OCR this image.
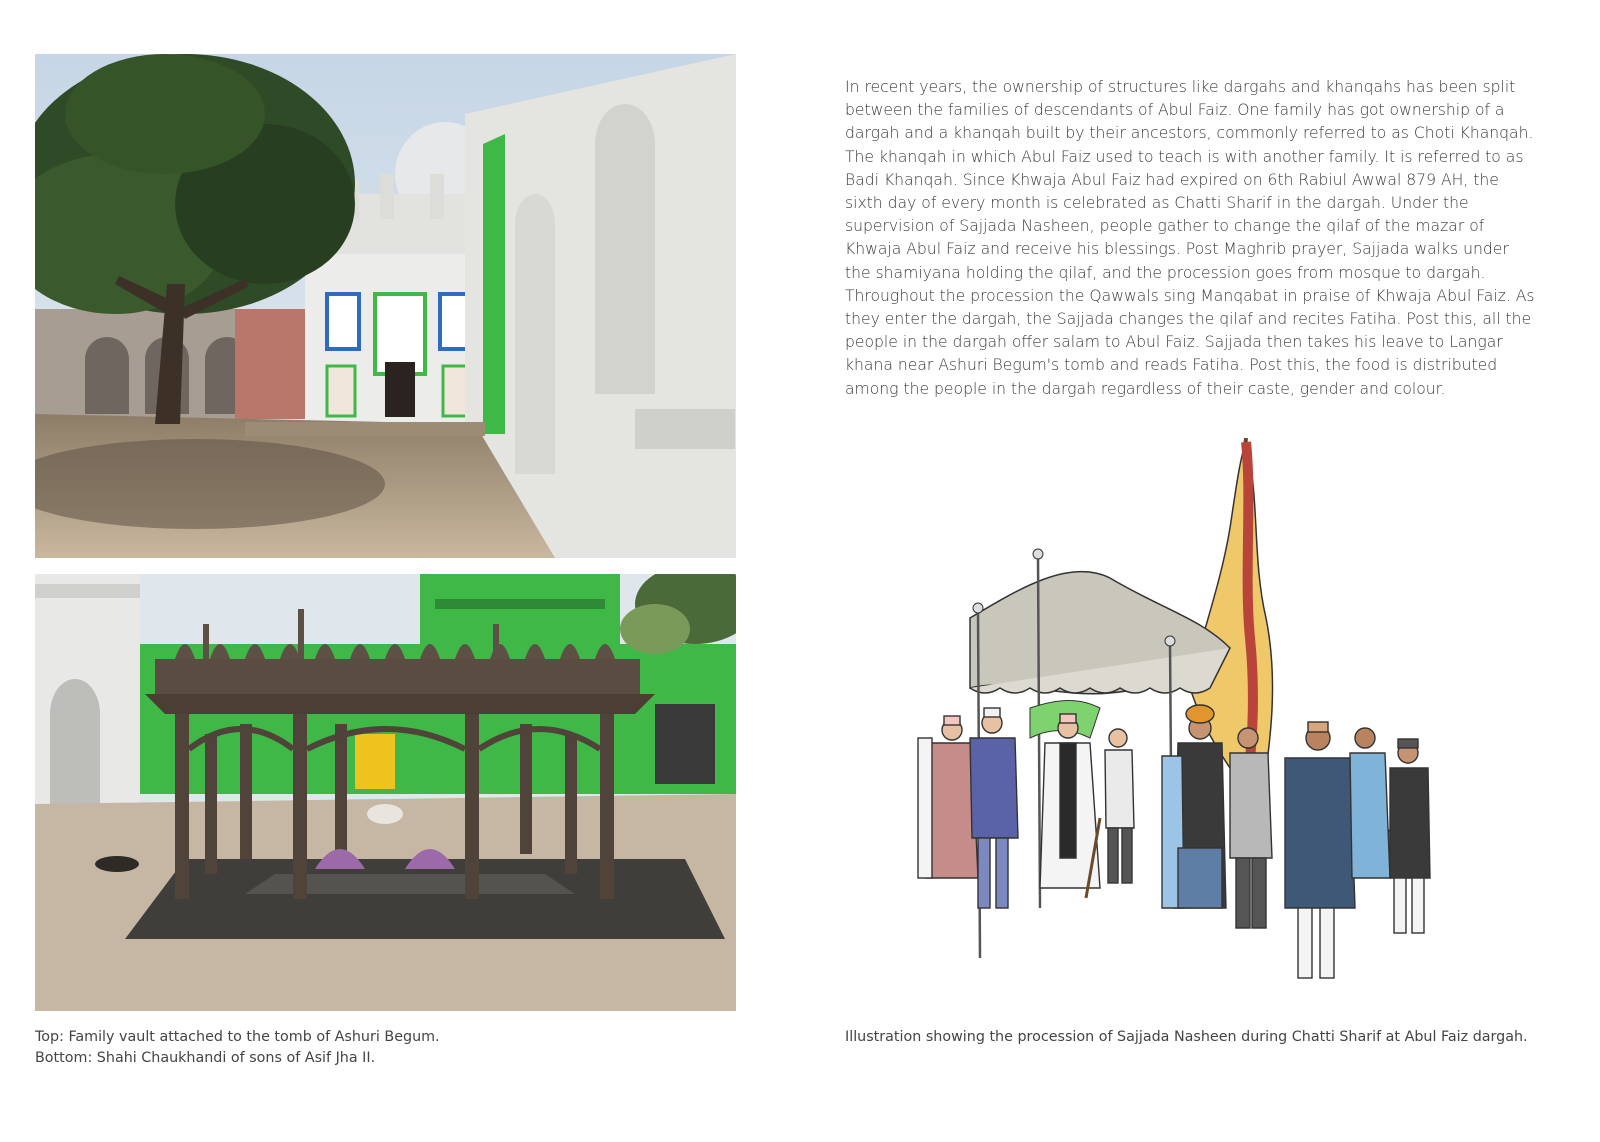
In recent years, the ownership of structures like dargahs and khanqahs has been split between the families of descendants of Abul Faiz. One family has got ownership of a dargah and a khanqah built by their ancestors, commonly referred to as Choti Khanqah. The khanqah in which Abul Faiz used to teach is with another family. It is referred to as Badi Khanqah. Since Khwaja Abul Faiz had expired on 6th Rabiul Awwal 879 AH, the sixth day of every month is celebrated as Chatti Sharif in the dargah. Under the supervision of Sajjada Nasheen, people gather to change the qilaf of the mazar of Khwaja Abul Faiz and receive his blessings. Post Maghrib prayer, Sajjada walks under the shamiyana holding the qilaf, and the procession goes from mosque to dargah. Throughout the procession the Qawwals sing Manqabat in praise of Khwaja Abul Faiz. As they enter the dargah, the Sajjada changes the qilaf and recites Fatiha. Post this, all the people in the dargah offer salam to Abul Faiz. Sajjada then takes his leave to Langar khana near Ashuri Begum's tomb and reads Fatiha. Post this, the food is distributed among the people in the dargah regardless of their caste, gender and colour.
Top: Family vault attached to the tomb of Ashuri Begum.
Bottom: Shahi Chaukhandi of sons of Asif Jha II.
Illustration showing the procession of Sajjada Nasheen during Chatti Sharif at Abul Faiz dargah.
